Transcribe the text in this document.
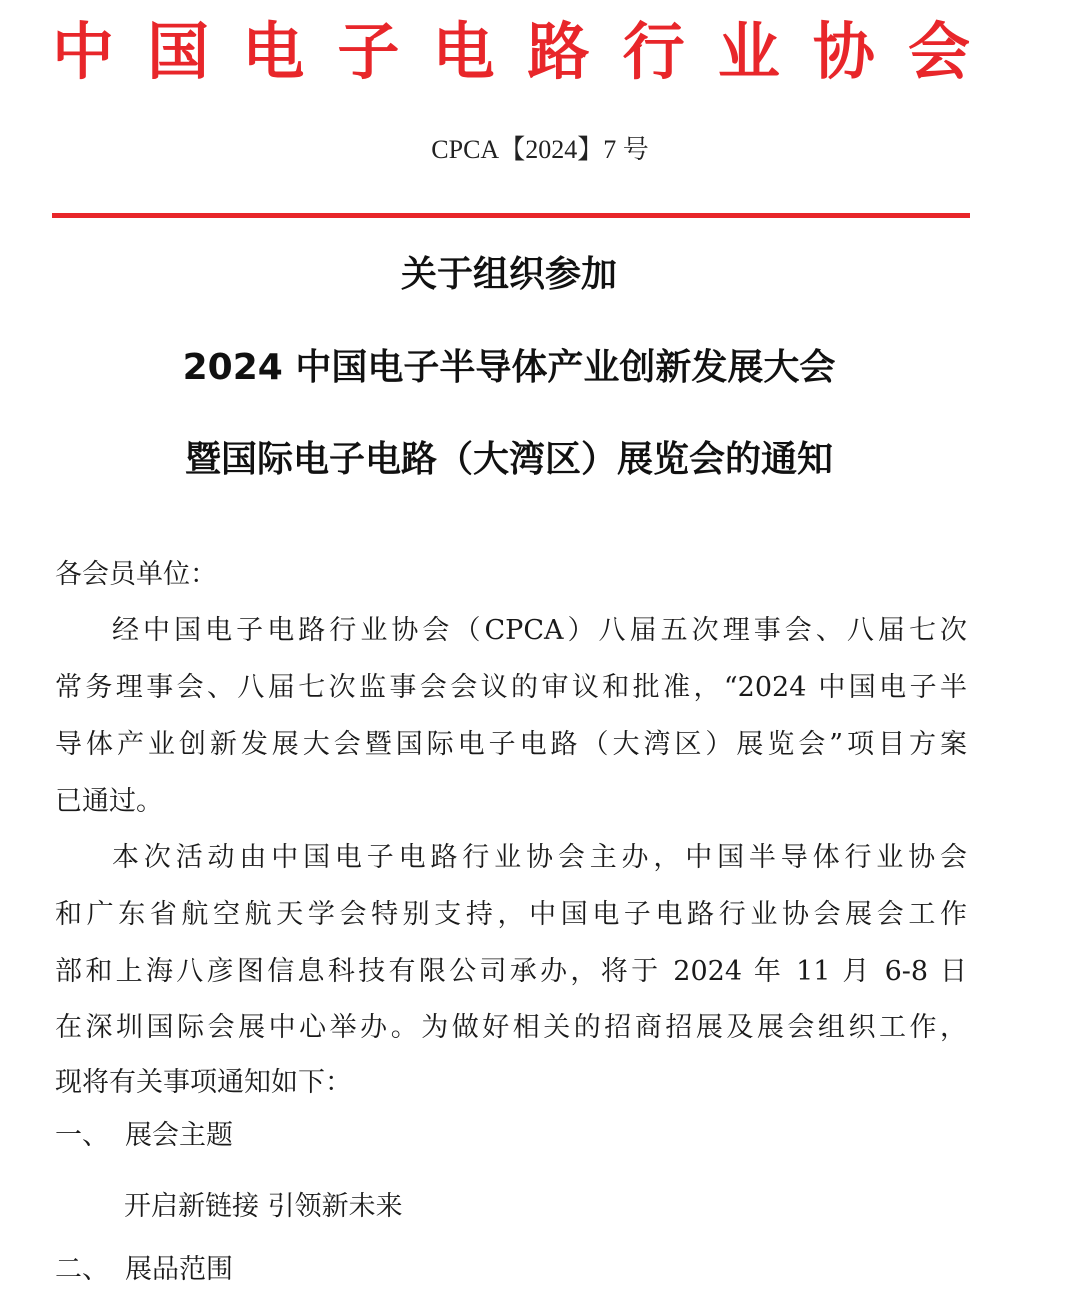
中 国 电 子 电 路 行 业 协 会
CPCA【2024】7 号
关于组织参加
2024 中国电子半导体产业创新发展大会
暨国际电子电路（大湾区）展览会的通知
各会员单位：
经中国电子电路行业协会（CPCA）八届五次理事会、八届七次
常务理事会、八届七次监事会会议的审议和批准，“2024 中国电子半
导体产业创新发展大会暨国际电子电路（大湾区）展览会”项目方案
已通过。
本次活动由中国电子电路行业协会主办，中国半导体行业协会
和广东省航空航天学会特别支持，中国电子电路行业协会展会工作
部和上海八彦图信息科技有限公司承办，将于 2024 年 11 月 6-8 日
在深圳国际会展中心举办。为做好相关的招商招展及展会组织工作，
现将有关事项通知如下：
一、 展会主题
开启新链接 引领新未来
二、 展品范围
